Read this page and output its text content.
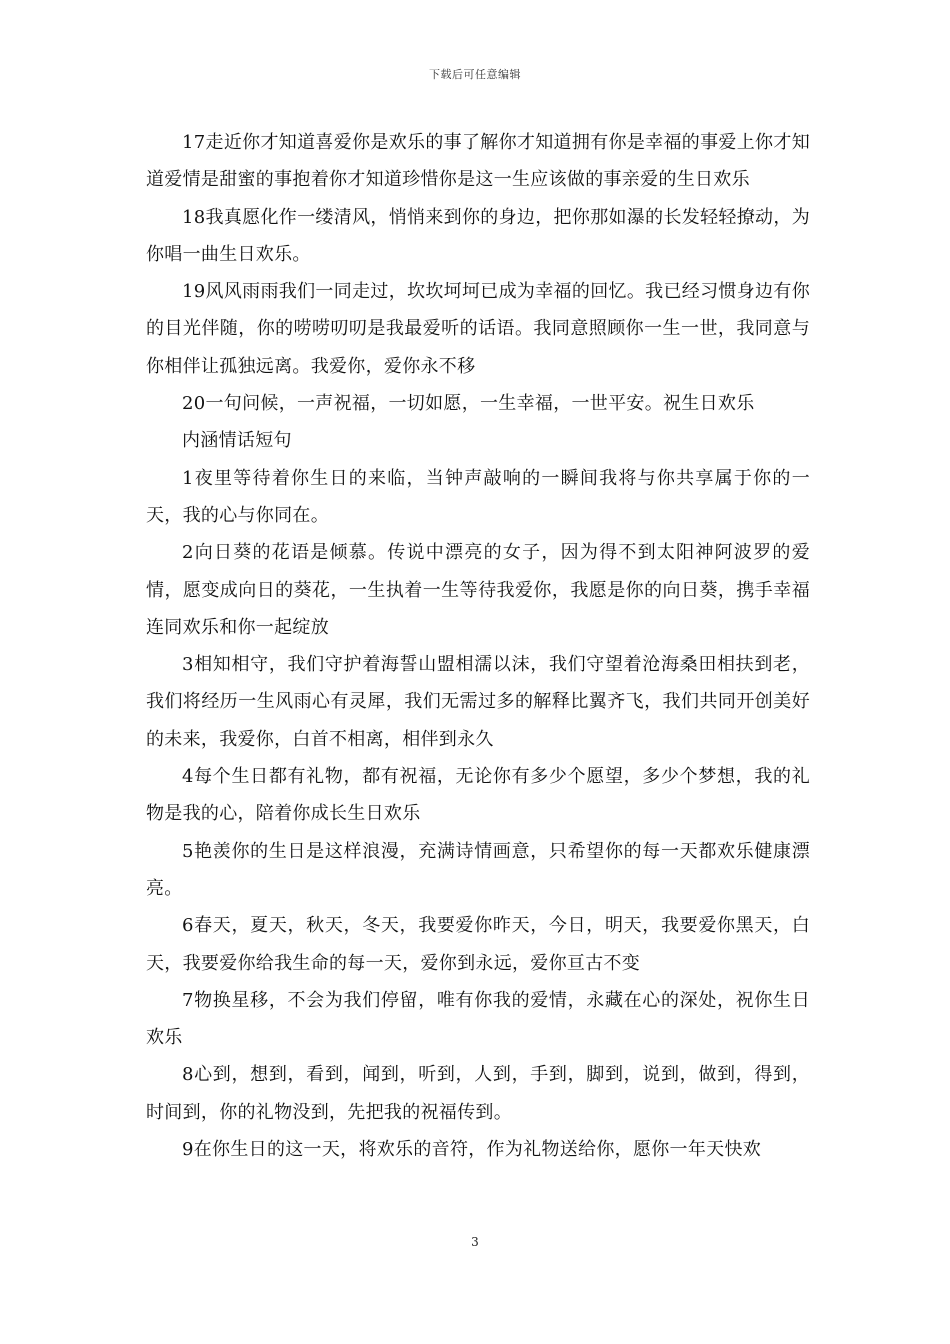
下载后可任意编辑

17走近你才知道喜爱你是欢乐的事了解你才知道拥有你是幸福的事爱上你才知道爱情是甜蜜的事抱着你才知道珍惜你是这一生应该做的事亲爱的生日欢乐

18我真愿化作一缕清风，悄悄来到你的身边，把你那如瀑的长发轻轻撩动，为你唱一曲生日欢乐。

19风风雨雨我们一同走过，坎坎坷坷已成为幸福的回忆。我已经习惯身边有你的目光伴随，你的唠唠叨叨是我最爱听的话语。我同意照顾你一生一世，我同意与你相伴让孤独远离。我爱你，爱你永不移

20一句问候，一声祝福，一切如愿，一生幸福，一世平安。祝生日欢乐

内涵情话短句

1夜里等待着你生日的来临，当钟声敲响的一瞬间我将与你共享属于你的一天，我的心与你同在。

2向日葵的花语是倾慕。传说中漂亮的女子，因为得不到太阳神阿波罗的爱情，愿变成向日的葵花，一生执着一生等待我爱你，我愿是你的向日葵，携手幸福连同欢乐和你一起绽放

3相知相守，我们守护着海誓山盟相濡以沫，我们守望着沧海桑田相扶到老，我们将经历一生风雨心有灵犀，我们无需过多的解释比翼齐飞，我们共同开创美好的未来，我爱你，白首不相离，相伴到永久

4每个生日都有礼物，都有祝福，无论你有多少个愿望，多少个梦想，我的礼物是我的心，陪着你成长生日欢乐

5艳羡你的生日是这样浪漫，充满诗情画意，只希望你的每一天都欢乐健康漂亮。

6春天，夏天，秋天，冬天，我要爱你昨天，今日，明天，我要爱你黑天，白天，我要爱你给我生命的每一天，爱你到永远，爱你亘古不变

7物换星移，不会为我们停留，唯有你我的爱情，永藏在心的深处，祝你生日欢乐

8心到，想到，看到，闻到，听到，人到，手到，脚到，说到，做到，得到，时间到，你的礼物没到，先把我的祝福传到。

9在你生日的这一天，将欢乐的音符，作为礼物送给你，愿你一年天快欢

3
